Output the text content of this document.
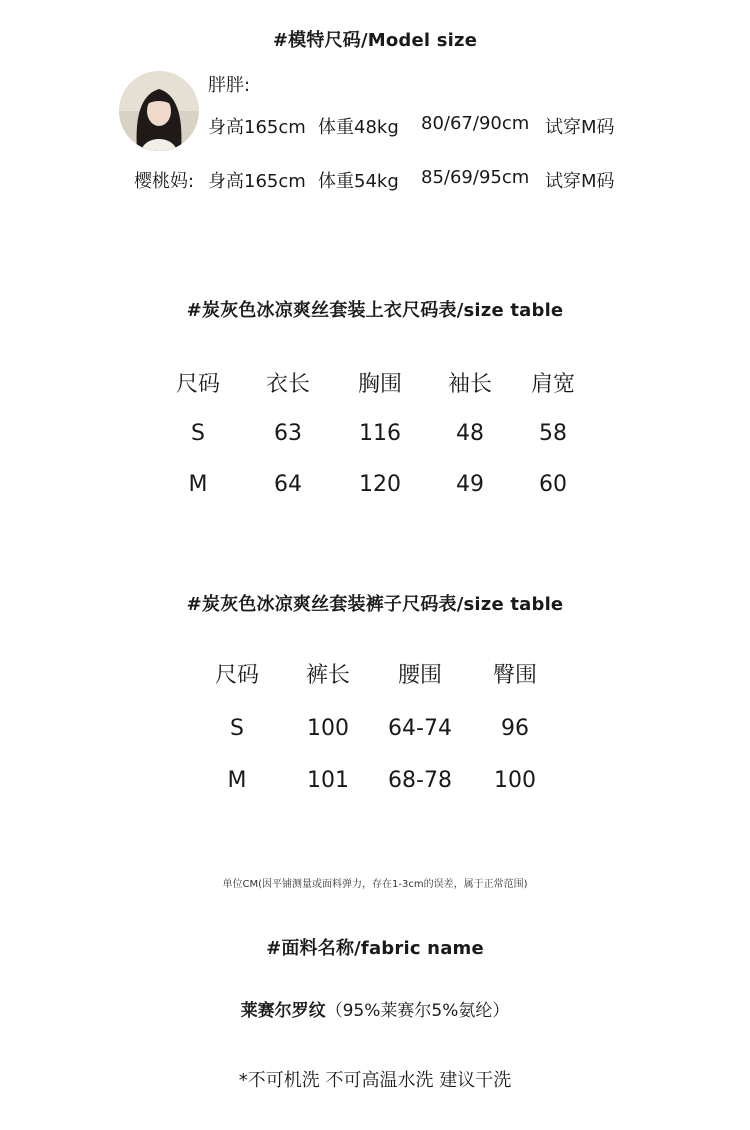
#模特尺码/Model size
胖胖:
身高165cm 体重48kg 80/67/90cm 试穿M码
樱桃妈: 身高165cm 体重54kg 85/69/95cm 试穿M码
#炭灰色冰凉爽丝套装上衣尺码表/size table
尺码	衣长	胸围	袖长	肩宽
S	63	116	48	58
M	64	120	49	60
#炭灰色冰凉爽丝套装裤子尺码表/size table
尺码	裤长	腰围	臀围
S	100	64-74	96
M	101	68-78	100
单位CM(因平铺测量或面料弹力，存在1-3cm的误差，属于正常范围)
#面料名称/fabric name
莱赛尔罗纹（95%莱赛尔5%氨纶）
*不可机洗 不可高温水洗 建议干洗
